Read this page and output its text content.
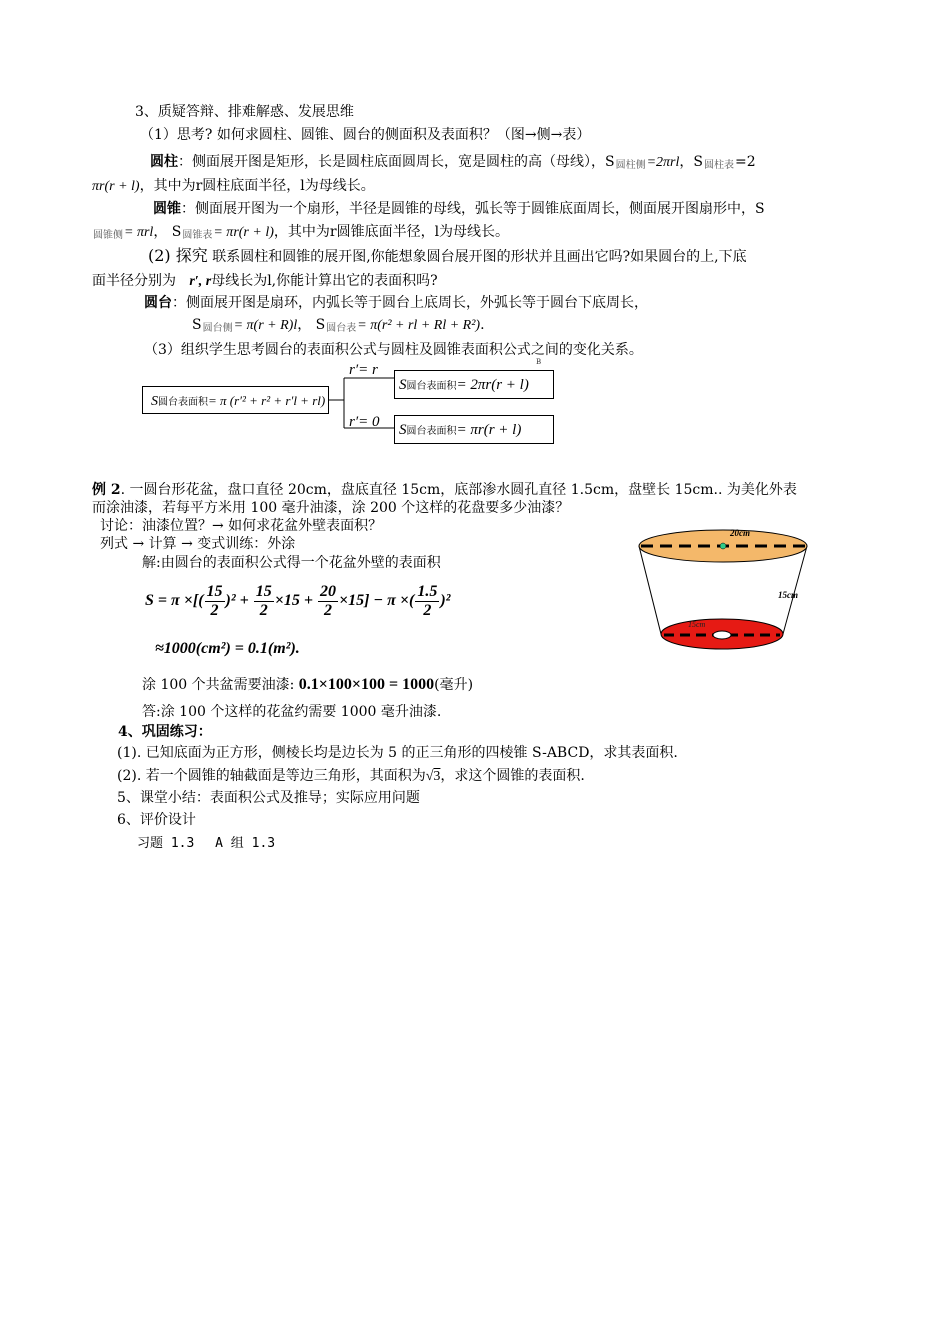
3、质疑答辩、排难解惑、发展思维
（1）思考? 如何求圆柱、圆锥、圆台的侧面积及表面积？（图→侧→表）
圆柱：侧面展开图是矩形，长是圆柱底面圆周长，宽是圆柱的高（母线），$S_{圆柱侧}=2\pi rl$，$S_{圆柱表}=2$
πr(r + l)，其中为r圆柱底面半径，l为母线长。
圆锥：侧面展开图为一个扇形，半径是圆锥的母线，弧长等于圆锥底面周长，侧面展开图扇形中，S
$_{圆锥侧}$= πrl， $S_{圆锥表}= \pi r(r + l)$，其中为r圆锥底面半径，l为母线长。
(2) 探究 联系圆柱和圆锥的展开图,你能想象圆台展开图的形状并且画出它吗?如果圆台的上,下底
面半径分别为 r′, r母线长为l,你能计算出它的表面积吗?
圆台：侧面展开图是扇环，内弧长等于圆台上底周长，外弧长等于圆台下底周长，
$S_{圆台侧}= \pi(r + R)l$， $S_{圆台表}= \pi(r^2$ + rl + Rl + R²).
（3）组织学生思考圆台的表面积公式与圆柱及圆锥表面积公式之间的变化关系。
S圆台表面积= π (r′² + r² + r′l + rl)
r′= r
r′= 0
B
S圆台表面积= 2πr(r + l)
S圆台表面积= πr(r + l)
例 2. 一圆台形花盆，盘口直径 20cm，盘底直径 15cm，底部渗水圆孔直径 1.5cm，盘壁长 15cm.. 为美化外表
而涂油漆，若每平方米用 100 毫升油漆，涂 200 个这样的花盘要多少油漆？
讨论：油漆位置？→ 如何求花盆外壁表面积？
列式 → 计算 → 变式训练：外涂
解:由圆台的表面积公式得一个花盆外壁的表面积
S = π ×[( $\frac{15}{2} )^2 + \frac{15}{2} \times 15 + \frac{20}{2} \times 15] - \pi$ ×( $\frac{1.5}{2} )^2$
≈1000(cm²) = 0.1(m²).
涂 100 个共盆需要油漆: 0.1×100×100 = 1000(毫升)
答:涂 100 个这样的花盆约需要 1000 毫升油漆.
20cm
15cm
15cm
4、巩固练习：
(1). 已知底面为正方形，侧棱长均是边长为 5 的正三角形的四棱锥 S-ABCD，求其表面积.
(2). 若一个圆锥的轴截面是等边三角形，其面积为√3，求这个圆锥的表面积.
5、课堂小结：表面积公式及推导；实际应用问题
6、评价设计
习题 1.3　 A 组 1.3
